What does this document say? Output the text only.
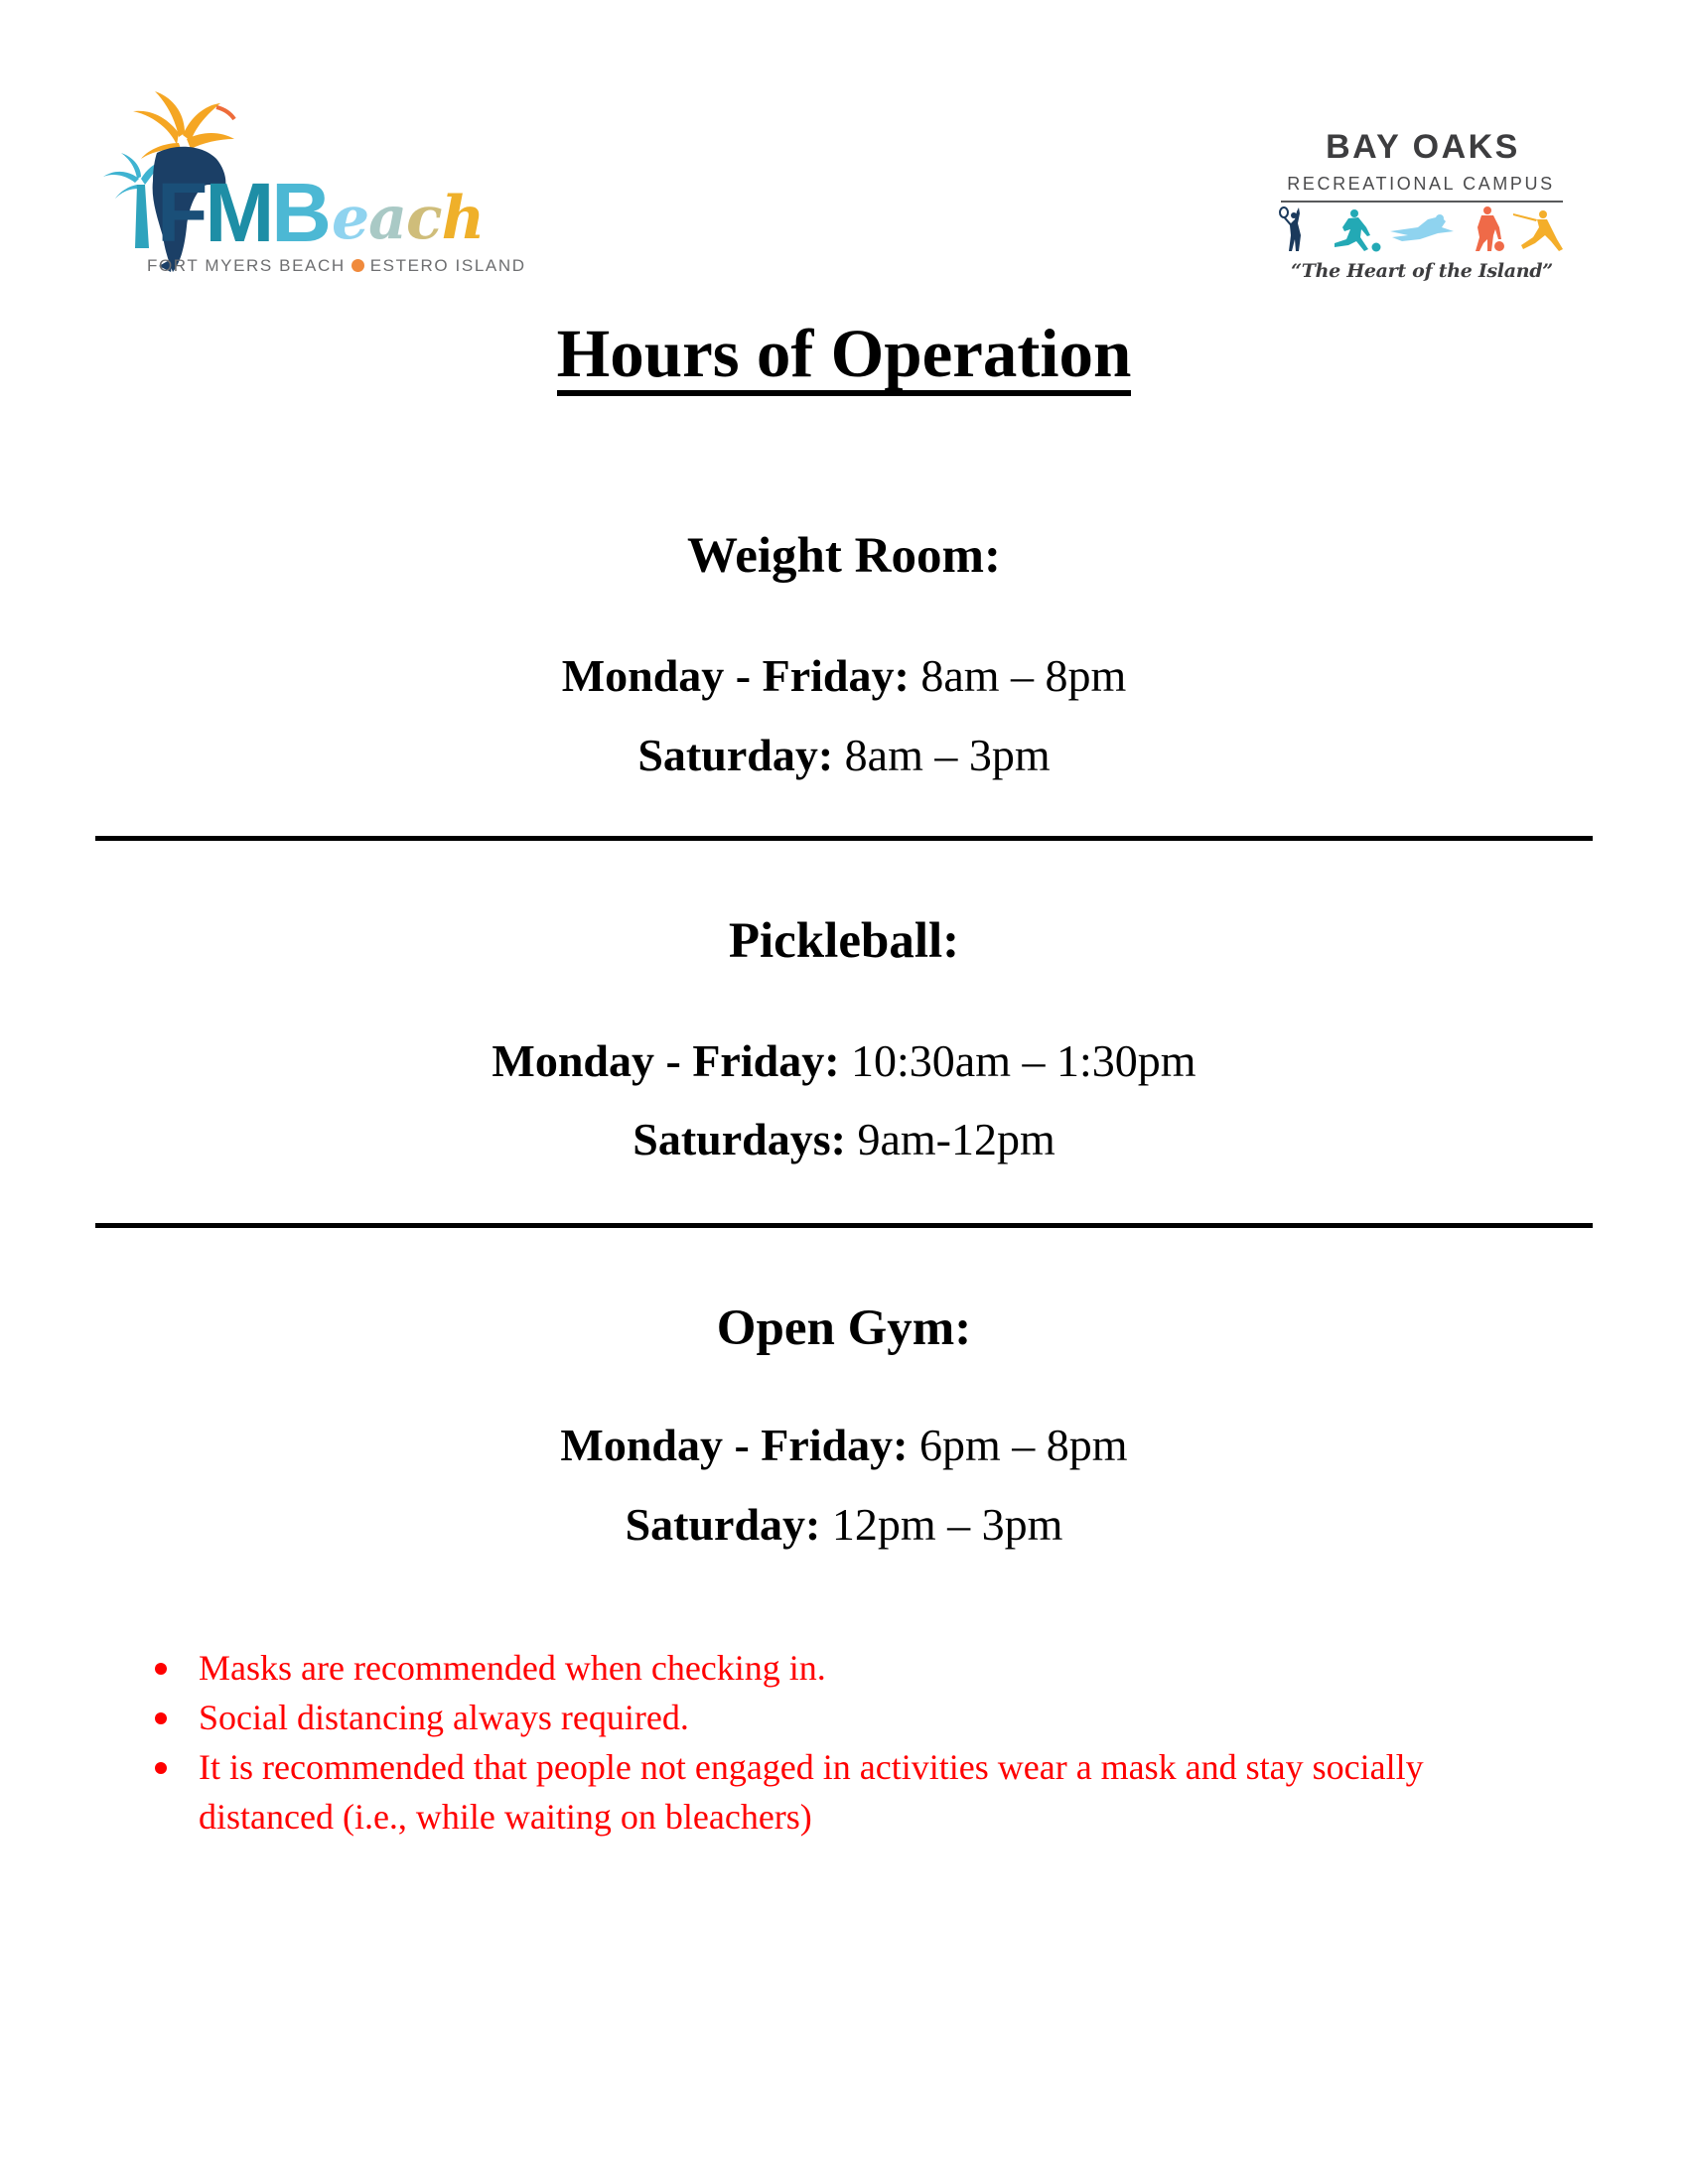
FMBeach
FORT MYERS BEACH ESTERO ISLAND
BAY OAKS
RECREATIONAL CAMPUS
“The Heart of the Island”
Hours of Operation
Weight Room:
Monday - Friday: 8am – 8pm
Saturday: 8am – 3pm
Pickleball:
Monday - Friday: 10:30am – 1:30pm
Saturdays: 9am-12pm
Open Gym:
Monday - Friday: 6pm – 8pm
Saturday: 12pm – 3pm
Masks are recommended when checking in.
Social distancing always required.
It is recommended that people not engaged in activities wear a mask and stay socially
distanced (i.e., while waiting on bleachers)
